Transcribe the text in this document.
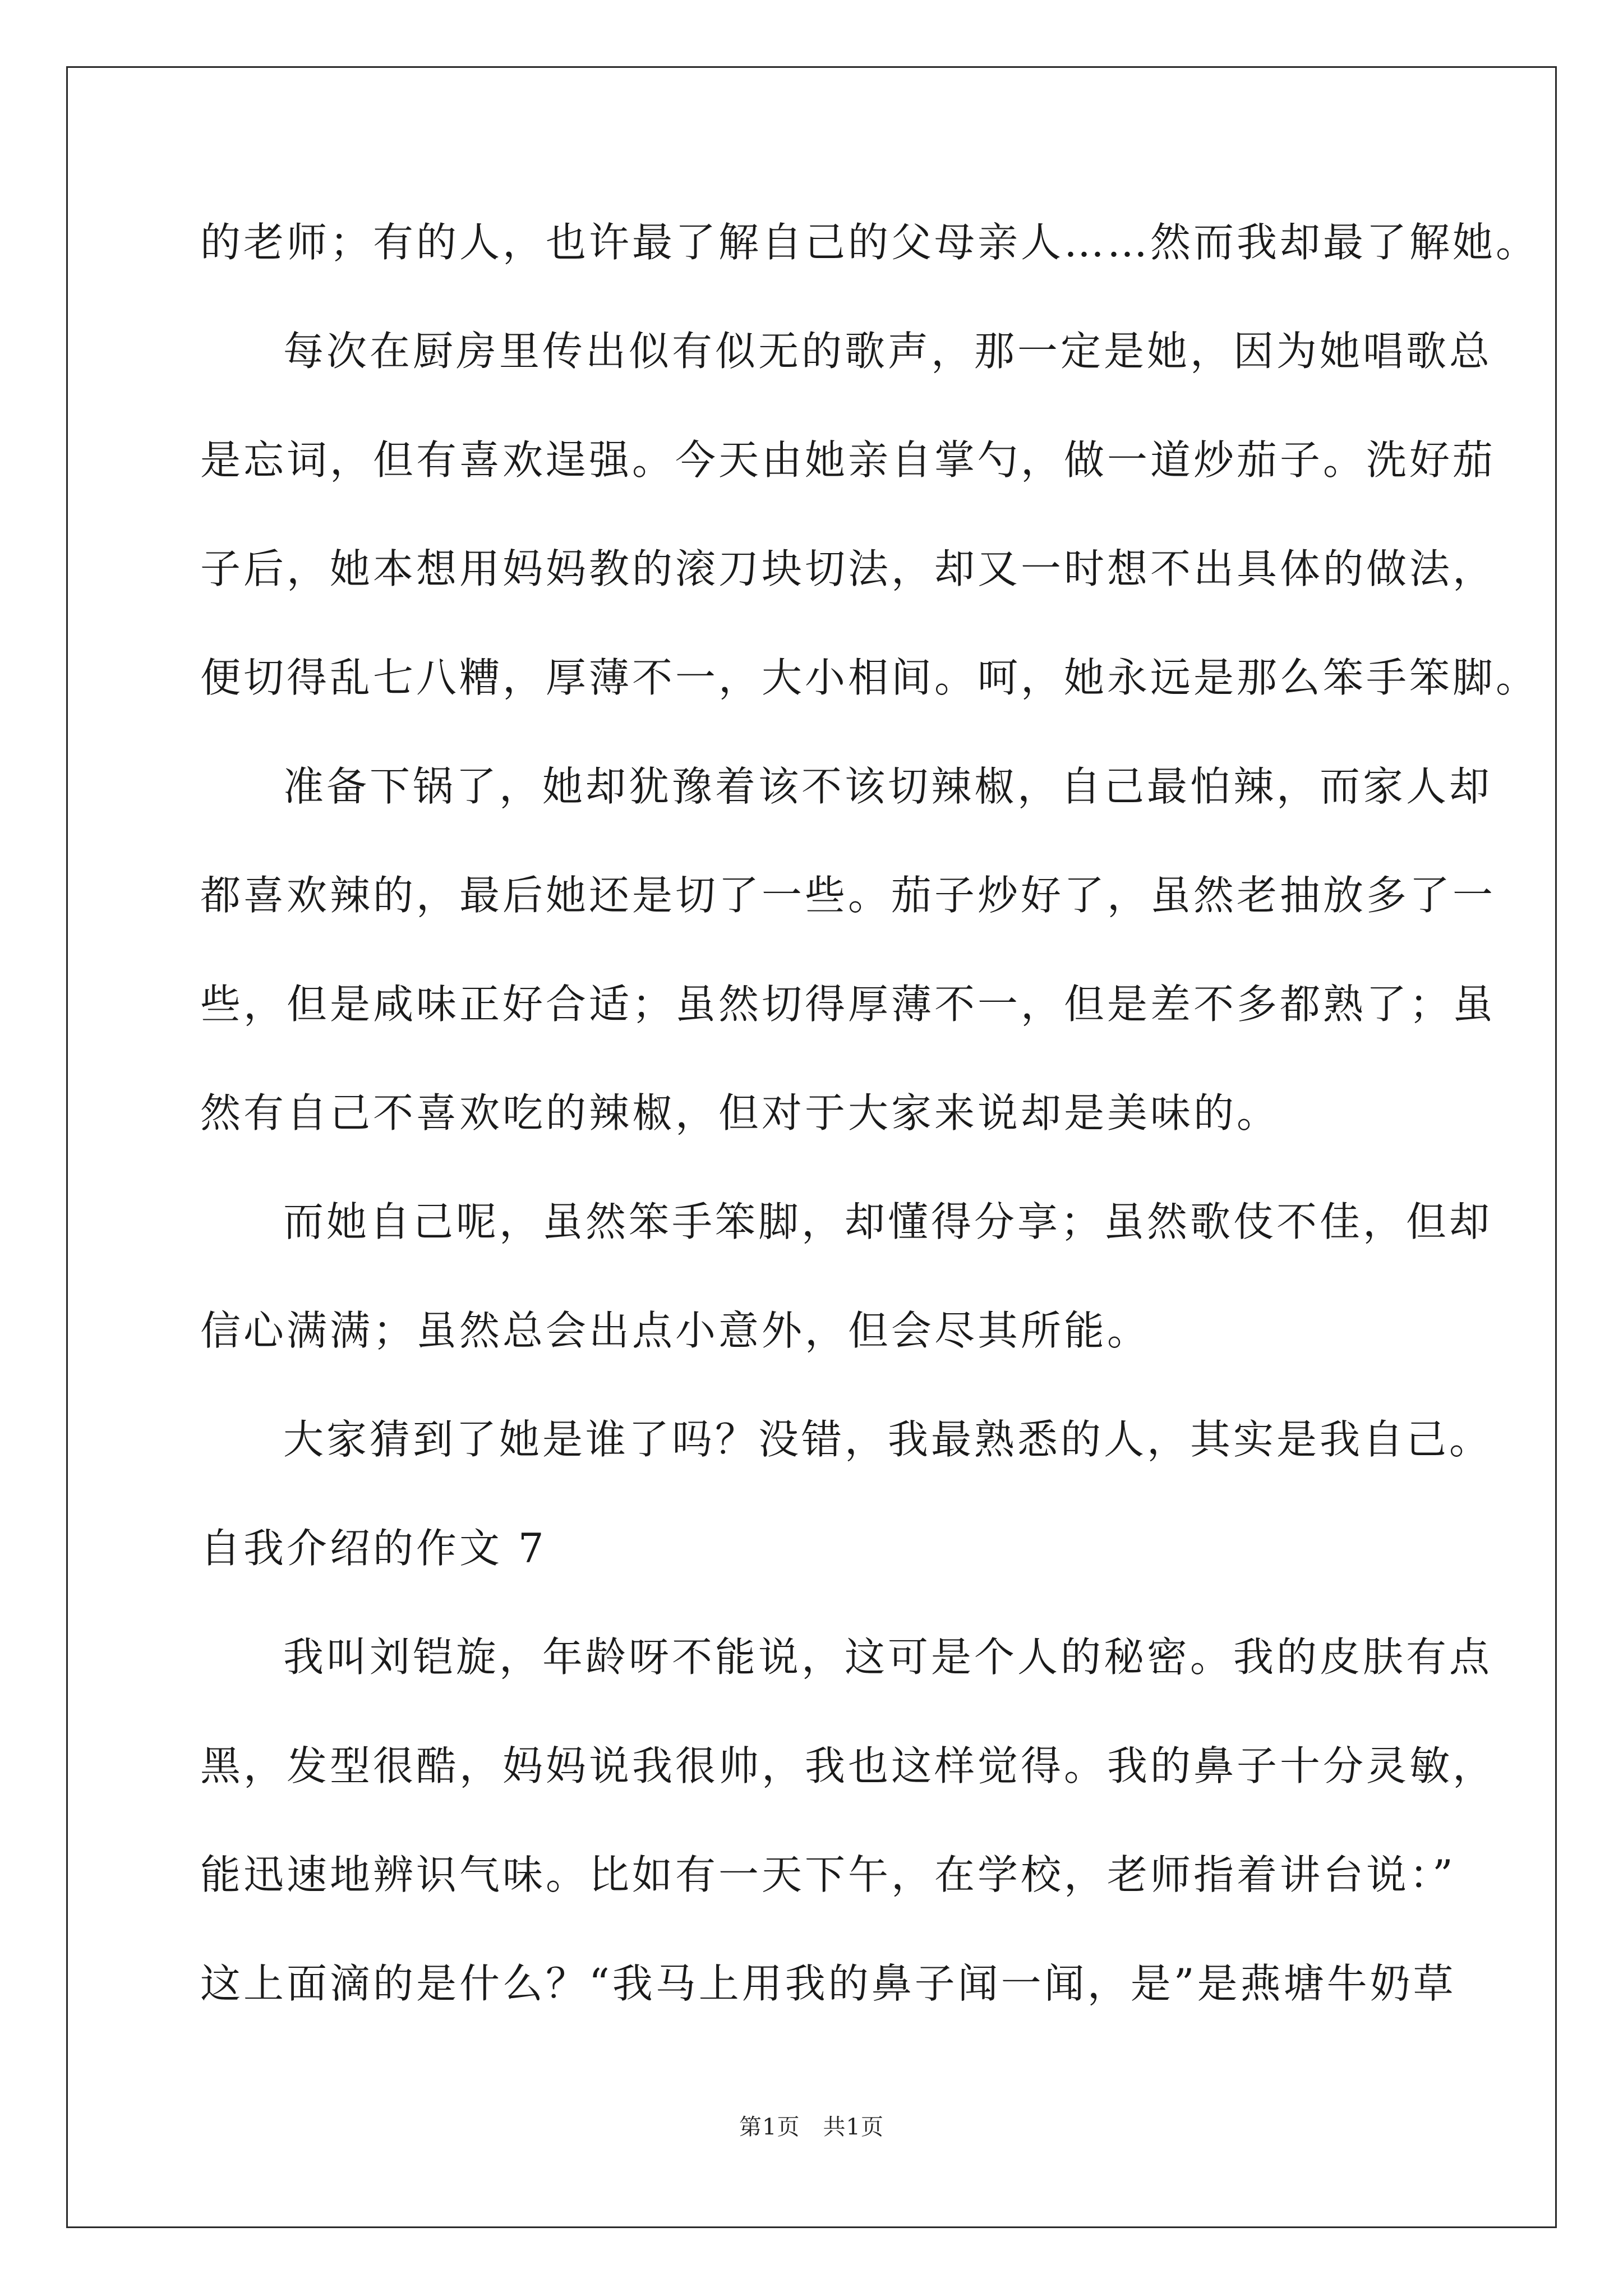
的老师；有的人，也许最了解自己的父母亲人……然而我却最了解她。
每次在厨房里传出似有似无的歌声，那一定是她，因为她唱歌总
是忘词，但有喜欢逞强。今天由她亲自掌勺，做一道炒茄子。洗好茄
子后，她本想用妈妈教的滚刀块切法，却又一时想不出具体的做法，
便切得乱七八糟，厚薄不一，大小相间。呵，她永远是那么笨手笨脚。
准备下锅了，她却犹豫着该不该切辣椒，自己最怕辣，而家人却
都喜欢辣的，最后她还是切了一些。茄子炒好了，虽然老抽放多了一
些，但是咸味正好合适；虽然切得厚薄不一，但是差不多都熟了；虽
然有自己不喜欢吃的辣椒，但对于大家来说却是美味的。
而她自己呢，虽然笨手笨脚，却懂得分享；虽然歌伎不佳，但却
信心满满；虽然总会出点小意外，但会尽其所能。
大家猜到了她是谁了吗？没错，我最熟悉的人，其实是我自己。
自我介绍的作文 7
我叫刘铠旋，年龄呀不能说，这可是个人的秘密。我的皮肤有点
黑，发型很酷，妈妈说我很帅，我也这样觉得。我的鼻子十分灵敏，
能迅速地辨识气味。比如有一天下午，在学校，老师指着讲台说：”
这上面滴的是什么？“我马上用我的鼻子闻一闻，是”是燕塘牛奶草
第1页　共1页
